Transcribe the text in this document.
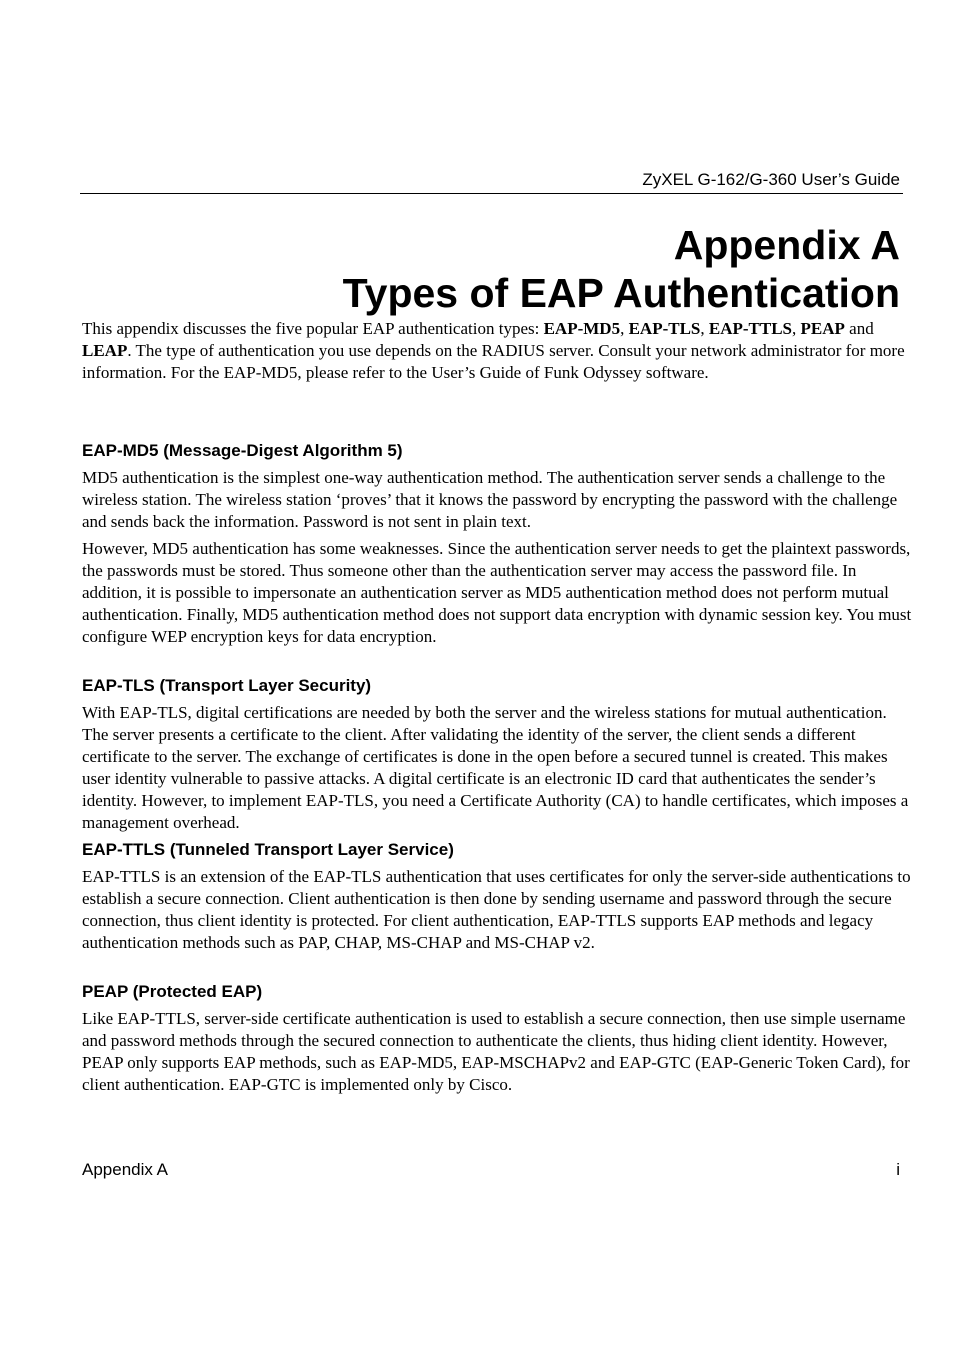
ZyXEL G-162/G-360 User’s Guide
Appendix A
Types of EAP Authentication

This appendix discusses the five popular EAP authentication types: EAP-MD5, EAP-TLS, EAP-TTLS, PEAP and LEAP. The type of authentication you use depends on the RADIUS server. Consult your network administrator for more information. For the EAP-MD5, please refer to the User’s Guide of Funk Odyssey software.

EAP-MD5 (Message-Digest Algorithm 5)

MD5 authentication is the simplest one-way authentication method. The authentication server sends a challenge to the wireless station. The wireless station ‘proves’ that it knows the password by encrypting the password with the challenge and sends back the information. Password is not sent in plain text.

However, MD5 authentication has some weaknesses. Since the authentication server needs to get the plaintext passwords, the passwords must be stored. Thus someone other than the authentication server may access the password file. In addition, it is possible to impersonate an authentication server as MD5 authentication method does not perform mutual authentication. Finally, MD5 authentication method does not support data encryption with dynamic session key. You must configure WEP encryption keys for data encryption.

EAP-TLS (Transport Layer Security)

With EAP-TLS, digital certifications are needed by both the server and the wireless stations for mutual authentication. The server presents a certificate to the client. After validating the identity of the server, the client sends a different certificate to the server. The exchange of certificates is done in the open before a secured tunnel is created. This makes user identity vulnerable to passive attacks. A digital certificate is an electronic ID card that authenticates the sender’s identity. However, to implement EAP-TLS, you need a Certificate Authority (CA) to handle certificates, which imposes a management overhead.

EAP-TTLS (Tunneled Transport Layer Service)

EAP-TTLS is an extension of the EAP-TLS authentication that uses certificates for only the server-side authentications to establish a secure connection. Client authentication is then done by sending username and password through the secure connection, thus client identity is protected. For client authentication, EAP-TTLS supports EAP methods and legacy authentication methods such as PAP, CHAP, MS-CHAP and MS-CHAP v2.

PEAP (Protected EAP)

Like EAP-TTLS, server-side certificate authentication is used to establish a secure connection, then use simple username and password methods through the secured connection to authenticate the clients, thus hiding client identity. However, PEAP only supports EAP methods, such as EAP-MD5, EAP-MSCHAPv2 and EAP-GTC (EAP-Generic Token Card), for client authentication. EAP-GTC is implemented only by Cisco.

Appendix A	i
